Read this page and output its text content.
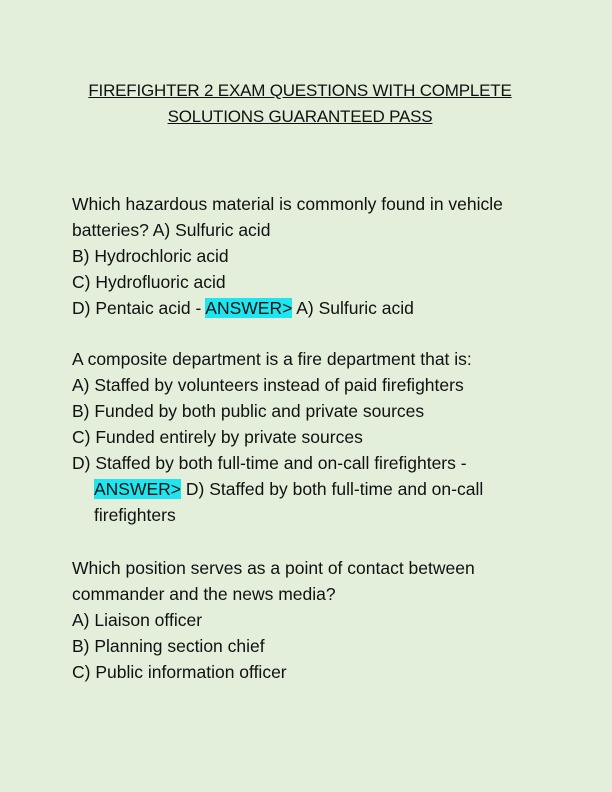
FIREFIGHTER 2 EXAM QUESTIONS WITH COMPLETE
SOLUTIONS GUARANTEED PASS
Which hazardous material is commonly found in vehicle
batteries? A) Sulfuric acid
B) Hydrochloric acid
C) Hydrofluoric acid
D) Pentaic acid - ANSWER> A) Sulfuric acid
A composite department is a fire department that is:
A) Staffed by volunteers instead of paid firefighters
B) Funded by both public and private sources
C) Funded entirely by private sources
D) Staffed by both full-time and on-call firefighters -
ANSWER> D) Staffed by both full-time and on-call
firefighters
Which position serves as a point of contact between
commander and the news media?
A) Liaison officer
B) Planning section chief
C) Public information officer
